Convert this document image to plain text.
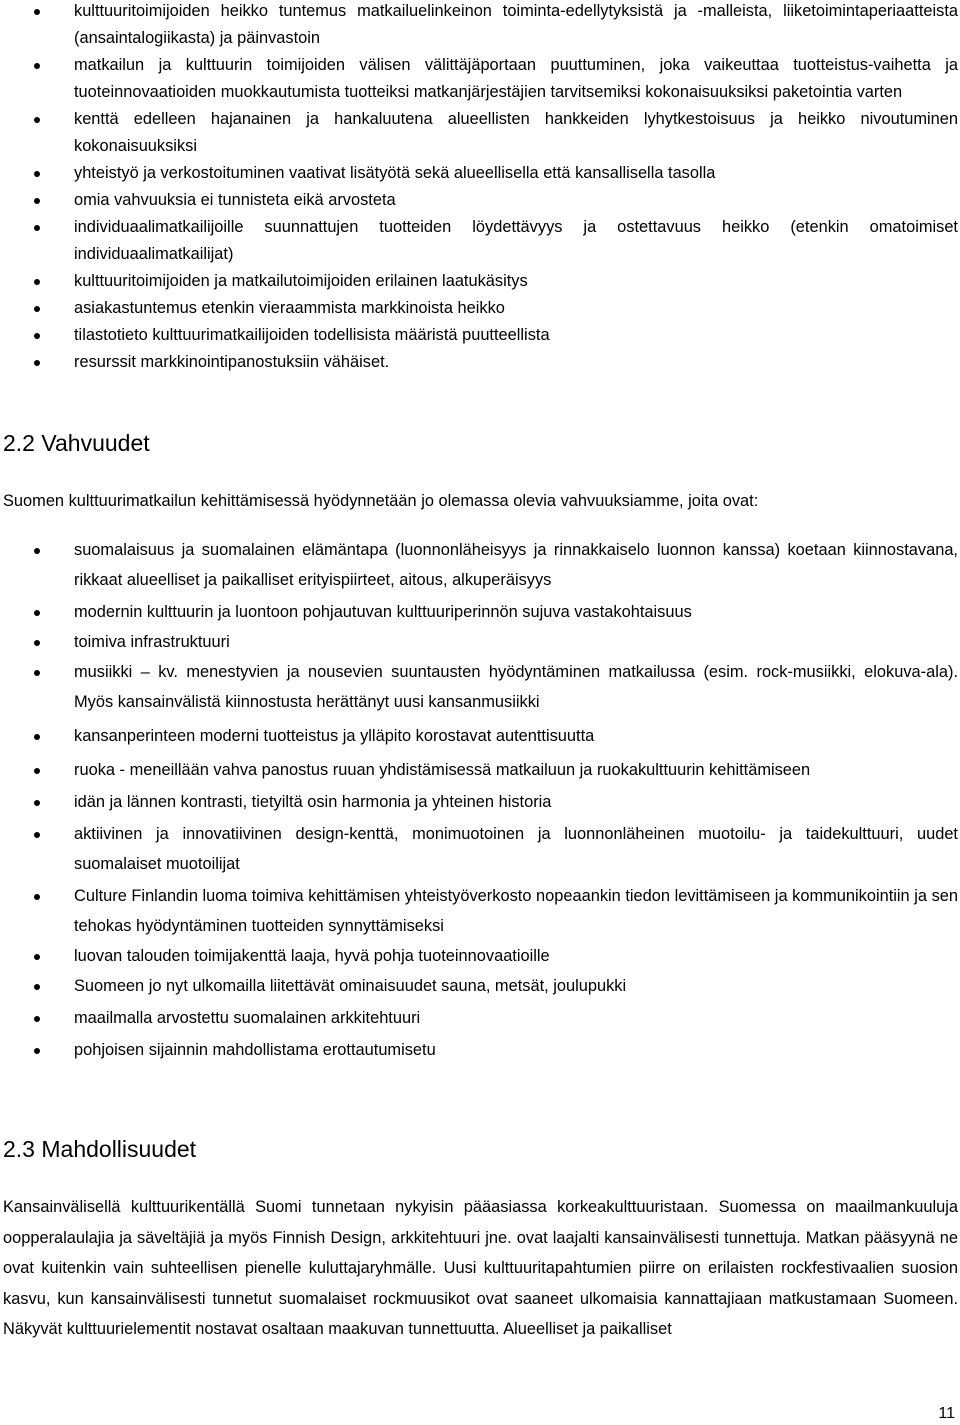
kulttuuritoimijoiden heikko tuntemus matkailuelinkeinon toiminta-edellytyksistä ja -malleista, liiketoimintaperiaatteista (ansaintalogiikasta) ja päinvastoin
matkailun ja kulttuurin toimijoiden välisen välittäjäportaan puuttuminen, joka vaikeuttaa tuotteistus-vaihetta ja tuoteinnovaatioiden muokkautumista tuotteiksi matkanjärjestäjien tarvitsemiksi kokonaisuuksiksi paketointia varten
kenttä edelleen hajanainen ja hankaluutena alueellisten hankkeiden lyhytkestoisuus ja heikko nivoutuminen kokonaisuuksiksi
yhteistyö ja verkostoituminen vaativat lisätyötä sekä alueellisella että kansallisella tasolla
omia vahvuuksia ei tunnisteta eikä arvosteta
individuaalimatkailijoille suunnattujen tuotteiden löydettävyys ja ostettavuus heikko (etenkin omatoimiset individuaalimatkailijat)
kulttuuritoimijoiden ja matkailutoimijoiden erilainen laatukäsitys
asiakastuntemus etenkin vieraammista markkinoista heikko
tilastotieto kulttuurimatkailijoiden todellisista määristä puutteellista
resurssit markkinointipanostuksiin vähäiset.
2.2 Vahvuudet

Suomen kulttuurimatkailun kehittämisessä hyödynnetään jo olemassa olevia vahvuuksiamme, joita ovat:

suomalaisuus ja suomalainen elämäntapa (luonnonläheisyys ja rinnakkaiselo luonnon kanssa) koetaan kiinnostavana, rikkaat alueelliset ja paikalliset erityispiirteet, aitous, alkuperäisyys
modernin kulttuurin ja luontoon pohjautuvan kulttuuriperinnön sujuva vastakohtaisuus
toimiva infrastruktuuri
musiikki – kv. menestyvien ja nousevien suuntausten hyödyntäminen matkailussa (esim. rock-musiikki, elokuva-ala). Myös kansainvälistä kiinnostusta herättänyt uusi kansanmusiikki
kansanperinteen moderni tuotteistus ja ylläpito korostavat autenttisuutta
ruoka - meneillään vahva panostus ruuan yhdistämisessä matkailuun ja ruokakulttuurin kehittämiseen
idän ja lännen kontrasti, tietyiltä osin harmonia ja yhteinen historia
aktiivinen ja innovatiivinen design-kenttä, monimuotoinen ja luonnonläheinen muotoilu- ja taidekulttuuri, uudet suomalaiset muotoilijat
Culture Finlandin luoma toimiva kehittämisen yhteistyöverkosto nopeaankin tiedon levittämiseen ja kommunikointiin ja sen tehokas hyödyntäminen tuotteiden synnyttämiseksi
luovan talouden toimijakenttä laaja, hyvä pohja tuoteinnovaatioille
Suomeen jo nyt ulkomailla liitettävät ominaisuudet sauna, metsät, joulupukki
maailmalla arvostettu suomalainen arkkitehtuuri
pohjoisen sijainnin mahdollistama erottautumisetu
2.3 Mahdollisuudet

Kansainvälisellä kulttuurikentällä Suomi tunnetaan nykyisin pääasiassa korkeakulttuuristaan. Suomessa on maailmankuuluja oopperalaulajia ja säveltäjiä ja myös Finnish Design, arkkitehtuuri jne. ovat laajalti kansainvälisesti tunnettuja. Matkan pääsyynä ne ovat kuitenkin vain suhteellisen pienelle kuluttajaryhmälle. Uusi kulttuuritapahtumien piirre on erilaisten rockfestivaalien suosion kasvu, kun kansainvälisesti tunnetut suomalaiset rockmuusikot ovat saaneet ulkomaisia kannattajiaan matkustamaan Suomeen. Näkyvät kulttuurielementit nostavat osaltaan maakuvan tunnettuutta. Alueelliset ja paikalliset

11
